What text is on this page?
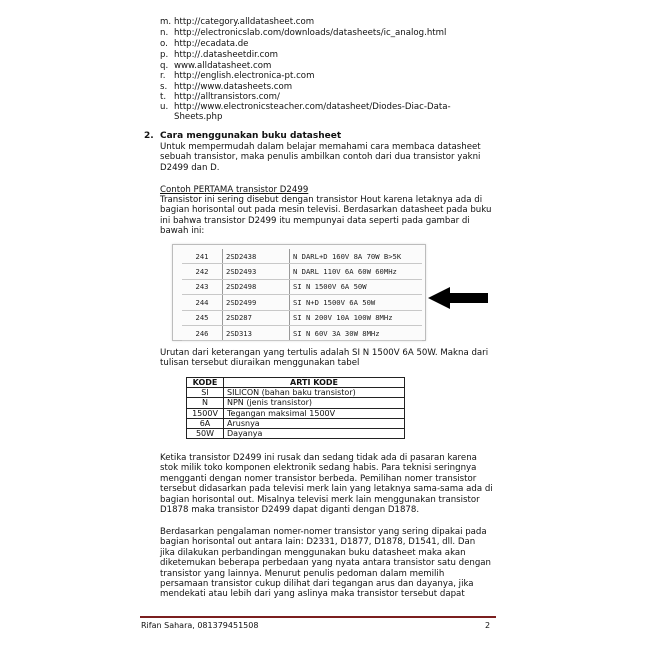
m. http://category.alldatasheet.com
n. http://electronicslab.com/downloads/datasheets/ic_analog.html
o. http://ecadata.de
p. http://.datasheetdir.com
q. www.alldatasheet.com
r. http://english.electronica-pt.com
s. http://www.datasheets.com
t. http://alltransistors.com/
u. http://www.electronicsteacher.com/datasheet/Diodes-Diac-Data-
Sheets.php
2. Cara menggunakan buku datasheet
Untuk mempermudah dalam belajar memahami cara membaca datasheet
sebuah transistor, maka penulis ambilkan contoh dari dua transistor yakni
D2499 dan D.
Contoh PERTAMA transistor D2499
Transistor ini sering disebut dengan transistor Hout karena letaknya ada di
bagian horisontal out pada mesin televisi. Berdasarkan datasheet pada buku
ini bahwa transistor D2499 itu mempunyai data seperti pada gambar di
bawah ini:
241	2SD2438	N DARL+D 160V 8A 70W B>5K
242	2SD2493	N DARL 110V 6A 60W 60MHz
243	2SD2498	SI N 1500V 6A 50W
244	2SD2499	SI N+D 1500V 6A 50W
245	2SD287	SI N 200V 10A 100W 8MHz
246	2SD313	SI N 60V 3A 30W 8MHz
Urutan dari keterangan yang tertulis adalah SI N 1500V 6A 50W. Makna dari
tulisan tersebut diuraikan menggunakan tabel
KODE	ARTI KODE
SI	SILICON (bahan baku transistor)
N	NPN (jenis transistor)
1500V	Tegangan maksimal 1500V
6A	Arusnya
50W	Dayanya
Ketika transistor D2499 ini rusak dan sedang tidak ada di pasaran karena
stok milik toko komponen elektronik sedang habis. Para teknisi seringnya
mengganti dengan nomer transistor berbeda. Pemilihan nomer transistor
tersebut didasarkan pada televisi merk lain yang letaknya sama-sama ada di
bagian horisontal out. Misalnya televisi merk lain menggunakan transistor
D1878 maka transistor D2499 dapat diganti dengan D1878.
Berdasarkan pengalaman nomer-nomer transistor yang sering dipakai pada
bagian horisontal out antara lain: D2331, D1877, D1878, D1541, dll. Dan
jika dilakukan perbandingan menggunakan buku datasheet maka akan
diketemukan beberapa perbedaan yang nyata antara transistor satu dengan
transistor yang lainnya. Menurut penulis pedoman dalam memilih
persamaan transistor cukup dilihat dari tegangan arus dan dayanya, jika
mendekati atau lebih dari yang aslinya maka transistor tersebut dapat
Rifan Sahara, 081379451508	2
